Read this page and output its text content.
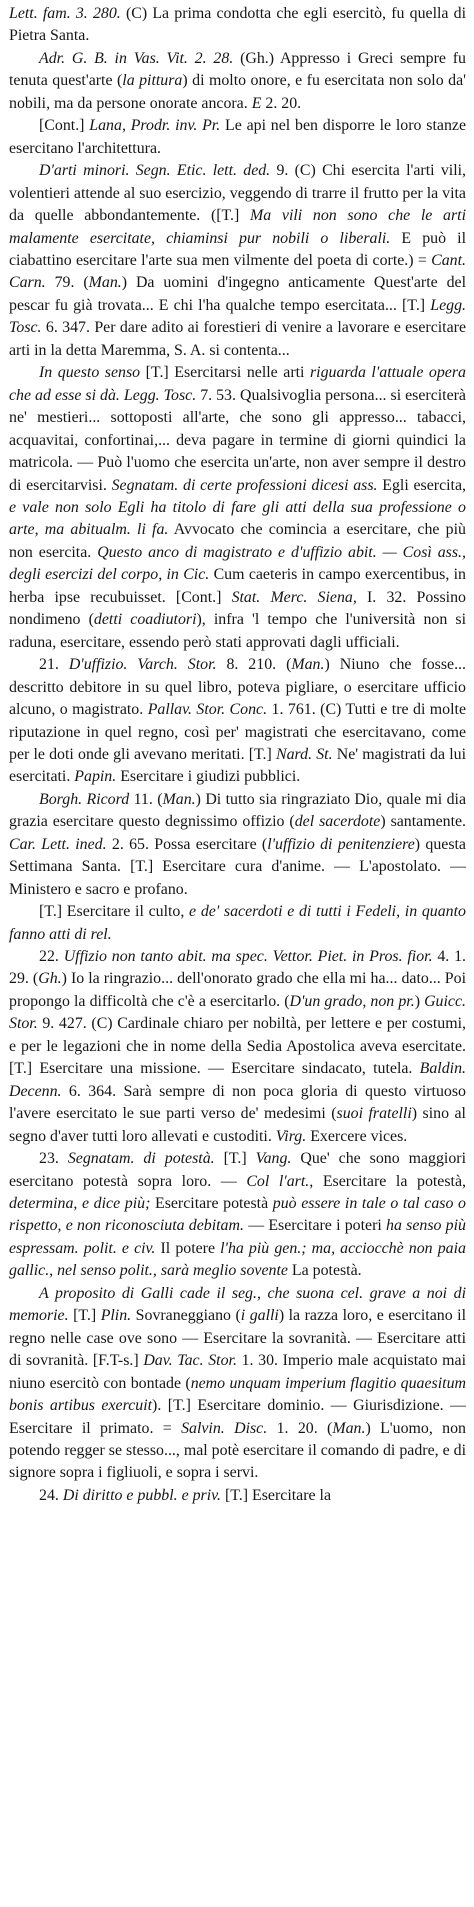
Lett. fam. 3. 280. (C) La prima condotta che egli esercitò, fu quella di Pietra Santa.

Adr. G. B. in Vas. Vit. 2. 28. (Gh.) Appresso i Greci sempre fu tenuta quest'arte (la pittura) di molto onore, e fu esercitata non solo da' nobili, ma da persone onorate ancora. E 2. 20.

[Cont.] Lana, Prodr. inv. Pr. Le api nel ben disporre le loro stanze esercitano l'architettura.

D'arti minori. Segn. Etic. lett. ded. 9. (C) Chi esercita l'arti vili, volentieri attende al suo esercizio, veggendo di trarre il frutto per la vita da quelle abbondantemente. ([T.] Ma vili non sono che le arti malamente esercitate, chiaminsi pur nobili o liberali. E può il ciabattino esercitare l'arte sua men vilmente del poeta di corte.) = Cant. Carn. 79. (Man.) Da uomini d'ingegno anticamente Quest'arte del pescar fu già trovata... E chi l'ha qualche tempo esercitata... [T.] Legg. Tosc. 6. 347. Per dare adito ai forestieri di venire a lavorare e esercitare arti in la detta Maremma, S. A. si contenta...

In questo senso [T.] Esercitarsi nelle arti riguarda l'attuale opera che ad esse si dà. Legg. Tosc. 7. 53. Qualsivoglia persona... si eserciterà ne' mestieri... sottoposti all'arte, che sono gli appresso... tabacci, acquavitai, confortinai,... deva pagare in termine di giorni quindici la matricola. — Può l'uomo che esercita un'arte, non aver sempre il destro di esercitarvisi. Segnatam. di certe professioni dicesi ass. Egli esercita, e vale non solo Egli ha titolo di fare gli atti della sua professione o arte, ma abitualm. li fa. Avvocato che comincia a esercitare, che più non esercita. Questo anco di magistrato e d'uffizio abit. — Così ass., degli esercizi del corpo, in Cic. Cum caeteris in campo exercentibus, in herba ipse recubuisset. [Cont.] Stat. Merc. Siena, I. 32. Possino nondimeno (detti coadiutori), infra 'l tempo che l'università non si raduna, esercitare, essendo però stati approvati dagli ufficiali.

21. D'uffizio. Varch. Stor. 8. 210. (Man.) Niuno che fosse... descritto debitore in su quel libro, poteva pigliare, o esercitare ufficio alcuno, o magistrato. Pallav. Stor. Conc. 1. 761. (C) Tutti e tre di molte riputazione in quel regno, così per' magistrati che esercitavano, come per le doti onde gli avevano meritati. [T.] Nard. St. Ne' magistrati da lui esercitati. Papin. Esercitare i giudizi pubblici.

Borgh. Ricord 11. (Man.) Di tutto sia ringraziato Dio, quale mi dia grazia esercitare questo degnissimo offizio (del sacerdote) santamente. Car. Lett. ined. 2. 65. Possa esercitare (l'uffizio di penitenziere) questa Settimana Santa. [T.] Esercitare cura d'anime. — L'apostolato. — Ministero e sacro e profano.

[T.] Esercitare il culto, e de' sacerdoti e di tutti i Fedeli, in quanto fanno atti di rel.

22. Uffizio non tanto abit. ma spec. Vettor. Piet. in Pros. fior. 4. 1. 29. (Gh.) Io la ringrazio... dell'onorato grado che ella mi ha... dato... Poi propongo la difficoltà che c'è a esercitarlo. (D'un grado, non pr.) Guicc. Stor. 9. 427. (C) Cardinale chiaro per nobiltà, per lettere e per costumi, e per le legazioni che in nome della Sedia Apostolica aveva esercitate. [T.] Esercitare una missione. — Esercitare sindacato, tutela. Baldin. Decenn. 6. 364. Sarà sempre di non poca gloria di questo virtuoso l'avere esercitato le sue parti verso de' medesimi (suoi fratelli) sino al segno d'aver tutti loro allevati e custoditi. Virg. Exercere vices.

23. Segnatam. di potestà. [T.] Vang. Que' che sono maggiori esercitano potestà sopra loro. — Col l'art., Esercitare la potestà, determina, e dice più; Esercitare potestà può essere in tale o tal caso o rispetto, e non riconosciuta debitam. — Esercitare i poteri ha senso più espressam. polit. e civ. Il potere l'ha più gen.; ma, acciocchè non paia gallic., nel senso polit., sarà meglio sovente La potestà.

A proposito di Galli cade il seg., che suona cel. grave a noi di memorie. [T.] Plin. Sovraneggiano (i galli) la razza loro, e esercitano il regno nelle case ove sono — Esercitare la sovranità. — Esercitare atti di sovranità. [F.T-s.] Dav. Tac. Stor. 1. 30. Imperio male acquistato mai niuno esercitò con bontade (nemo unquam imperium flagitio quaesitum bonis artibus exercuit). [T.] Esercitare dominio. — Giurisdizione. — Esercitare il primato. = Salvin. Disc. 1. 20. (Man.) L'uomo, non potendo regger se stesso..., mal potè esercitare il comando di padre, e di signore sopra i figliuoli, e sopra i servi.

24. Di diritto e pubbl. e priv. [T.] Esercitare la
